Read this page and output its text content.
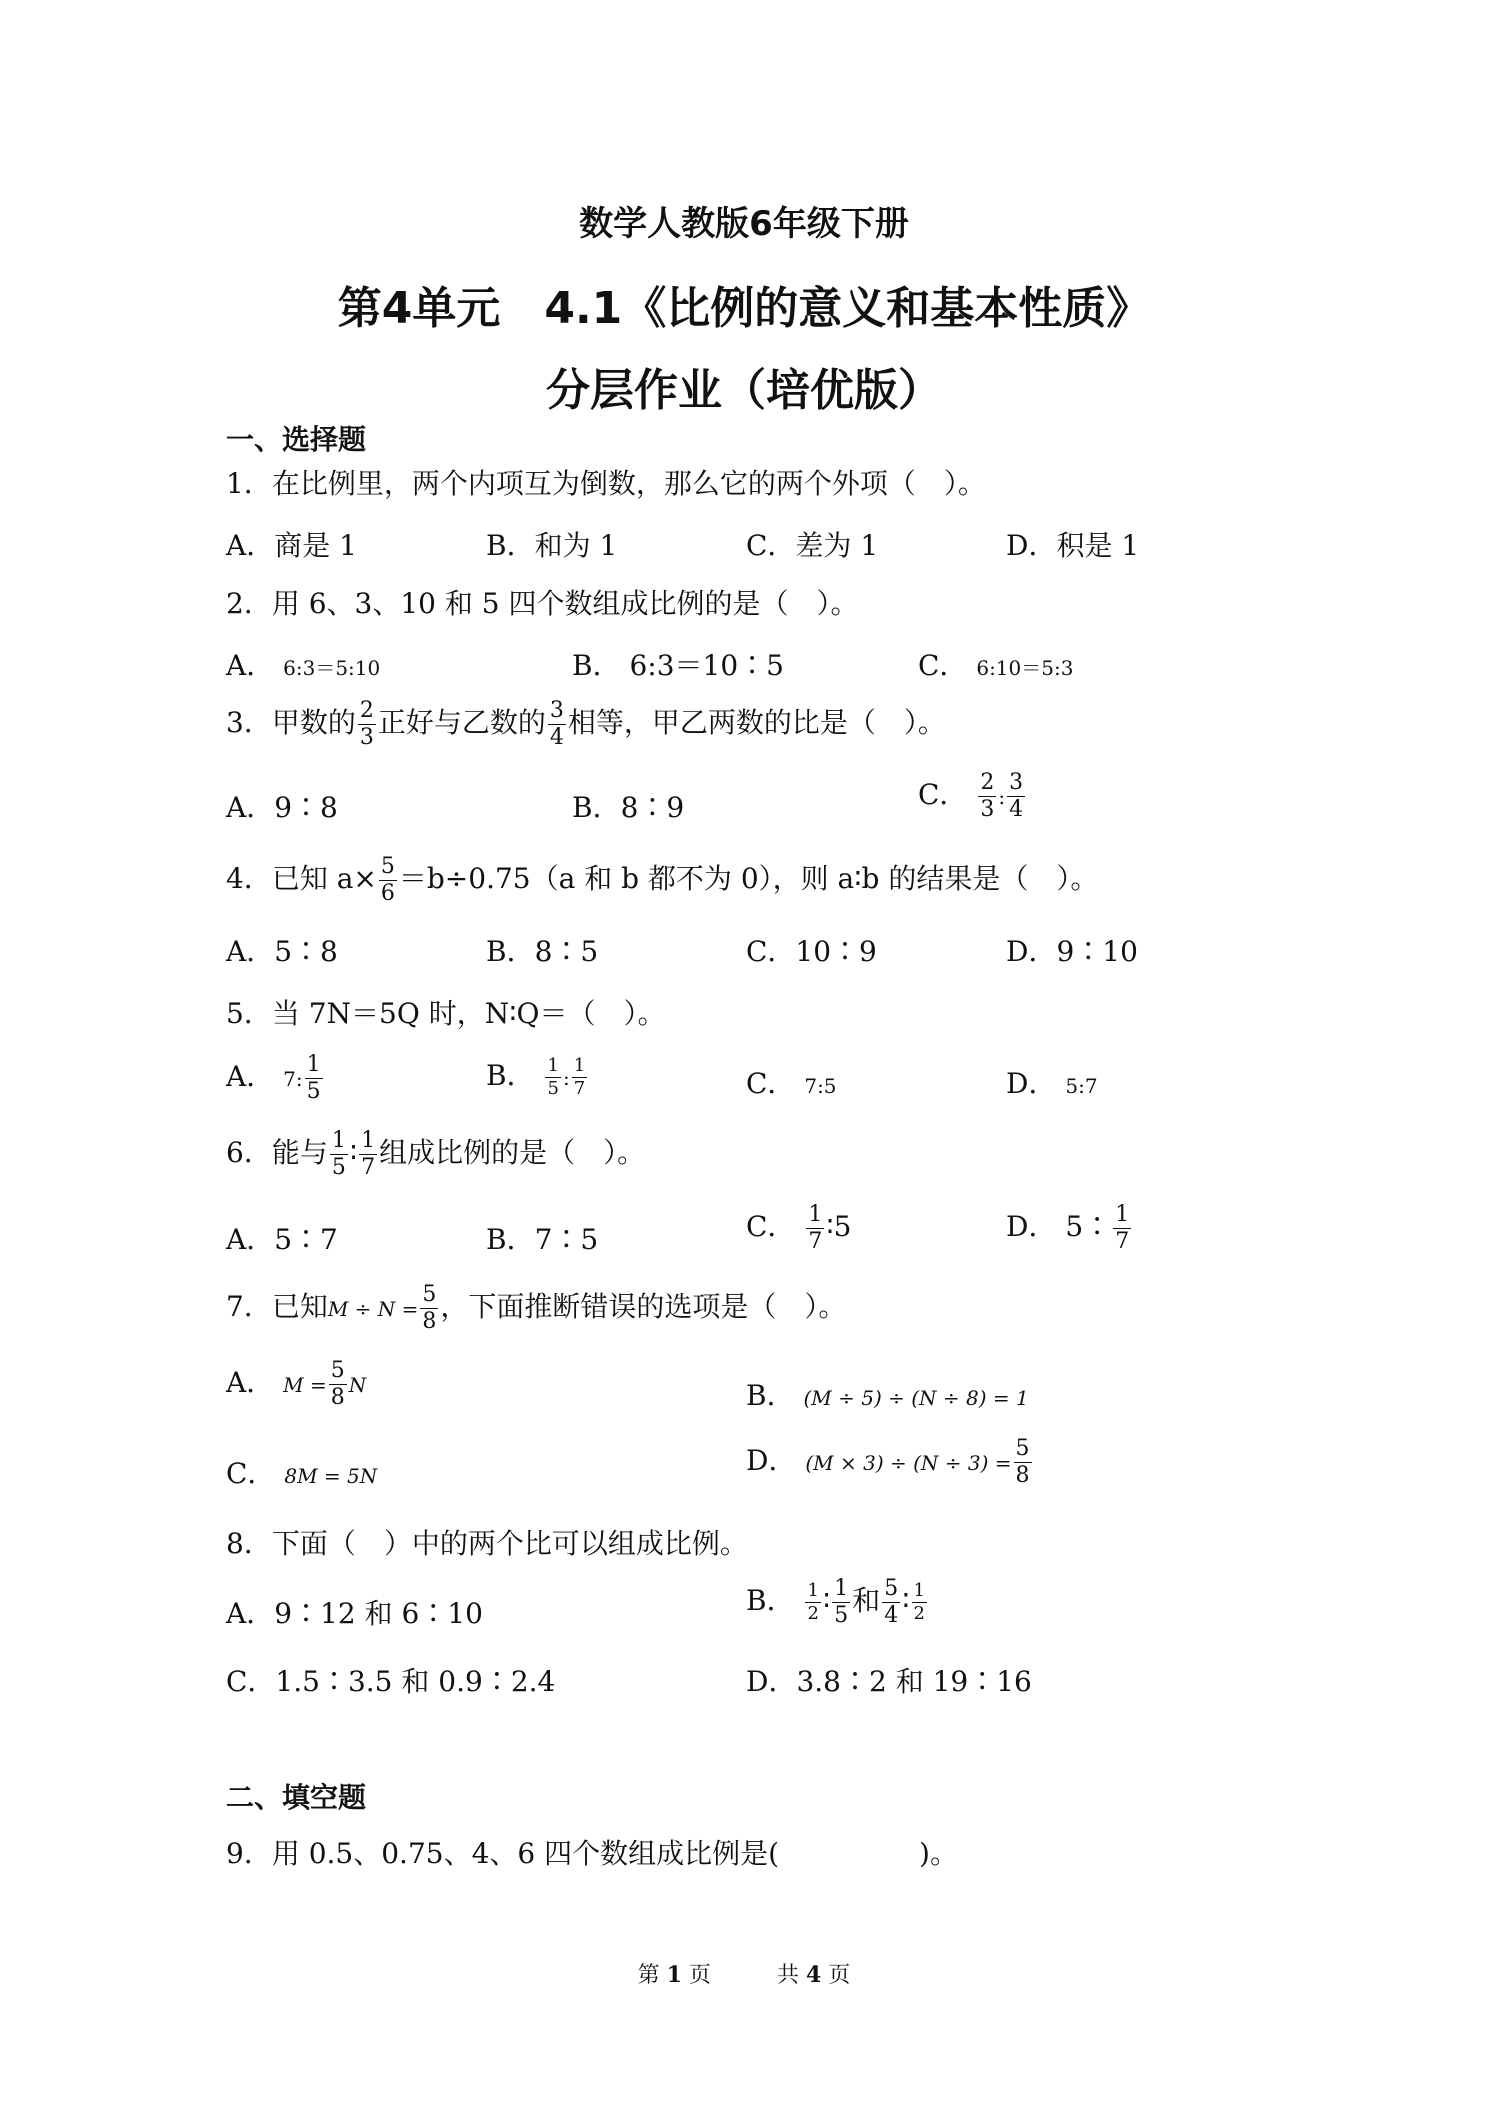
数学人教版6年级下册
第4单元　4.1《比例的意义和基本性质》
分层作业（培优版）
一、选择题
1．在比例里，两个内项互为倒数，那么它的两个外项（　）。
A．商是 1	B．和为 1	C．差为 1	D．积是 1
2．用 6、3、10 和 5 四个数组成比例的是（　）。
A． 6:3＝5:10	B． 6:3＝10∶5	C． 6:10＝5:3
3．甲数的 $\frac{2}{3}$ 正好与乙数的 $\frac{3}{4}$ 相等，甲乙两数的比是（　）。
A．9∶8	B．8∶9	C． $\frac{2}{3}$ : $\frac{3}{4}$
4．已知 $a\times \frac{5}{6} =b\div 0.75(a$ 和 b 都不为 0），则 a∶b 的结果是（　）。
A．5∶8	B．8∶5	C．10∶9	D．9∶10
5．当 7N＝5Q 时，N∶Q＝（　）。
A． 7: $\frac{1}{5}$	B． $\frac{1}{5}$ : $\frac{1}{7}$	C． 7:5	D． 5:7
6．能与 $\frac{1}{5}$ ∶ $\frac{1}{7}$ 组成比例的是（　）。
A．5∶7	B．7∶5	C． $\frac{1}{7}$ ∶5	D． 5∶ $\frac{1}{7}$
7．已知$M \div N = \frac{5}{8}$ ，下面推断错误的选项是（　）。
A． $M = \frac{5}{8}$ N	B． (M ÷ 5) ÷ (N ÷ 8) = 1
C． 8M = 5N	D． $(M \times 3) \div (N \div 3) = \frac{5}{8}$
8．下面（　）中的两个比可以组成比例。
A．9∶12 和 6∶10	B． $\frac{1}{2}$ ∶ $\frac{1}{5}$ 和 $\frac{5}{4}$ ∶ $\frac{1}{2}$
C．1.5∶3.5 和 0.9∶2.4	D．3.8∶2 和 19∶16
二、填空题
9．用 0.5、0.75、4、6 四个数组成比例是(　　　　　)。
第 1 页　　　共 4 页
